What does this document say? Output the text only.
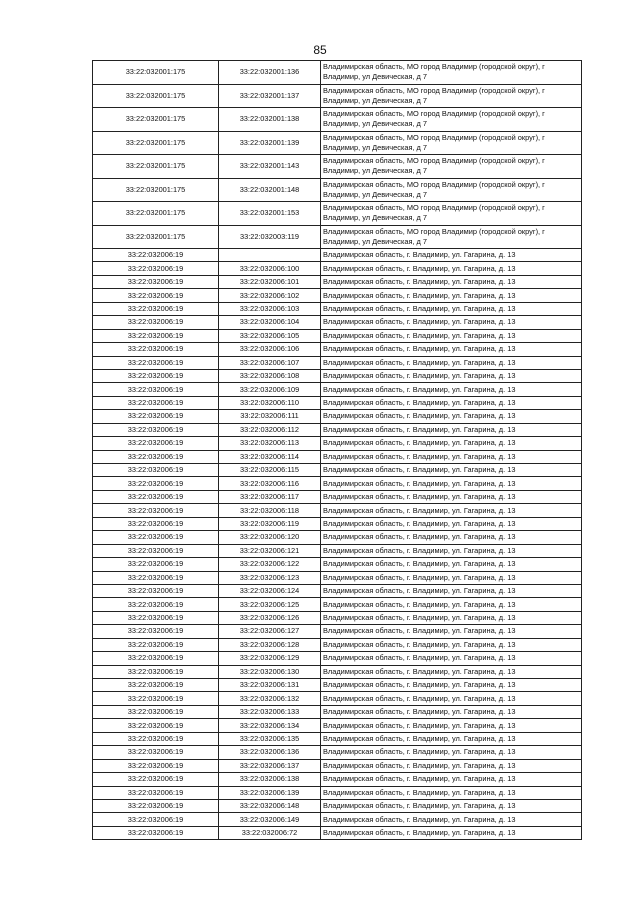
85
33:22:032001:175	33:22:032001:136	Владимирская область, МО город Владимир (городской округ), г Владимир, ул Девическая, д 7
33:22:032001:175	33:22:032001:137	Владимирская область, МО город Владимир (городской округ), г Владимир, ул Девическая, д 7
33:22:032001:175	33:22:032001:138	Владимирская область, МО город Владимир (городской округ), г Владимир, ул Девическая, д 7
33:22:032001:175	33:22:032001:139	Владимирская область, МО город Владимир (городской округ), г Владимир, ул Девическая, д 7
33:22:032001:175	33:22:032001:143	Владимирская область, МО город Владимир (городской округ), г Владимир, ул Девическая, д 7
33:22:032001:175	33:22:032001:148	Владимирская область, МО город Владимир (городской округ), г Владимир, ул Девическая, д 7
33:22:032001:175	33:22:032001:153	Владимирская область, МО город Владимир (городской округ), г Владимир, ул Девическая, д 7
33:22:032001:175	33:22:032003:119	Владимирская область, МО город Владимир (городской округ), г Владимир, ул Девическая, д 7
33:22:032006:19		Владимирская область, г. Владимир, ул. Гагарина, д. 13
33:22:032006:19	33:22:032006:100	Владимирская область, г. Владимир, ул. Гагарина, д. 13
33:22:032006:19	33:22:032006:101	Владимирская область, г. Владимир, ул. Гагарина, д. 13
33:22:032006:19	33:22:032006:102	Владимирская область, г. Владимир, ул. Гагарина, д. 13
33:22:032006:19	33:22:032006:103	Владимирская область, г. Владимир, ул. Гагарина, д. 13
33:22:032006:19	33:22:032006:104	Владимирская область, г. Владимир, ул. Гагарина, д. 13
33:22:032006:19	33:22:032006:105	Владимирская область, г. Владимир, ул. Гагарина, д. 13
33:22:032006:19	33:22:032006:106	Владимирская область, г. Владимир, ул. Гагарина, д. 13
33:22:032006:19	33:22:032006:107	Владимирская область, г. Владимир, ул. Гагарина, д. 13
33:22:032006:19	33:22:032006:108	Владимирская область, г. Владимир, ул. Гагарина, д. 13
33:22:032006:19	33:22:032006:109	Владимирская область, г. Владимир, ул. Гагарина, д. 13
33:22:032006:19	33:22:032006:110	Владимирская область, г. Владимир, ул. Гагарина, д. 13
33:22:032006:19	33:22:032006:111	Владимирская область, г. Владимир, ул. Гагарина, д. 13
33:22:032006:19	33:22:032006:112	Владимирская область, г. Владимир, ул. Гагарина, д. 13
33:22:032006:19	33:22:032006:113	Владимирская область, г. Владимир, ул. Гагарина, д. 13
33:22:032006:19	33:22:032006:114	Владимирская область, г. Владимир, ул. Гагарина, д. 13
33:22:032006:19	33:22:032006:115	Владимирская область, г. Владимир, ул. Гагарина, д. 13
33:22:032006:19	33:22:032006:116	Владимирская область, г. Владимир, ул. Гагарина, д. 13
33:22:032006:19	33:22:032006:117	Владимирская область, г. Владимир, ул. Гагарина, д. 13
33:22:032006:19	33:22:032006:118	Владимирская область, г. Владимир, ул. Гагарина, д. 13
33:22:032006:19	33:22:032006:119	Владимирская область, г. Владимир, ул. Гагарина, д. 13
33:22:032006:19	33:22:032006:120	Владимирская область, г. Владимир, ул. Гагарина, д. 13
33:22:032006:19	33:22:032006:121	Владимирская область, г. Владимир, ул. Гагарина, д. 13
33:22:032006:19	33:22:032006:122	Владимирская область, г. Владимир, ул. Гагарина, д. 13
33:22:032006:19	33:22:032006:123	Владимирская область, г. Владимир, ул. Гагарина, д. 13
33:22:032006:19	33:22:032006:124	Владимирская область, г. Владимир, ул. Гагарина, д. 13
33:22:032006:19	33:22:032006:125	Владимирская область, г. Владимир, ул. Гагарина, д. 13
33:22:032006:19	33:22:032006:126	Владимирская область, г. Владимир, ул. Гагарина, д. 13
33:22:032006:19	33:22:032006:127	Владимирская область, г. Владимир, ул. Гагарина, д. 13
33:22:032006:19	33:22:032006:128	Владимирская область, г. Владимир, ул. Гагарина, д. 13
33:22:032006:19	33:22:032006:129	Владимирская область, г. Владимир, ул. Гагарина, д. 13
33:22:032006:19	33:22:032006:130	Владимирская область, г. Владимир, ул. Гагарина, д. 13
33:22:032006:19	33:22:032006:131	Владимирская область, г. Владимир, ул. Гагарина, д. 13
33:22:032006:19	33:22:032006:132	Владимирская область, г. Владимир, ул. Гагарина, д. 13
33:22:032006:19	33:22:032006:133	Владимирская область, г. Владимир, ул. Гагарина, д. 13
33:22:032006:19	33:22:032006:134	Владимирская область, г. Владимир, ул. Гагарина, д. 13
33:22:032006:19	33:22:032006:135	Владимирская область, г. Владимир, ул. Гагарина, д. 13
33:22:032006:19	33:22:032006:136	Владимирская область, г. Владимир, ул. Гагарина, д. 13
33:22:032006:19	33:22:032006:137	Владимирская область, г. Владимир, ул. Гагарина, д. 13
33:22:032006:19	33:22:032006:138	Владимирская область, г. Владимир, ул. Гагарина, д. 13
33:22:032006:19	33:22:032006:139	Владимирская область, г. Владимир, ул. Гагарина, д. 13
33:22:032006:19	33:22:032006:148	Владимирская область, г. Владимир, ул. Гагарина, д. 13
33:22:032006:19	33:22:032006:149	Владимирская область, г. Владимир, ул. Гагарина, д. 13
33:22:032006:19	33:22:032006:72	Владимирская область, г. Владимир, ул. Гагарина, д. 13
